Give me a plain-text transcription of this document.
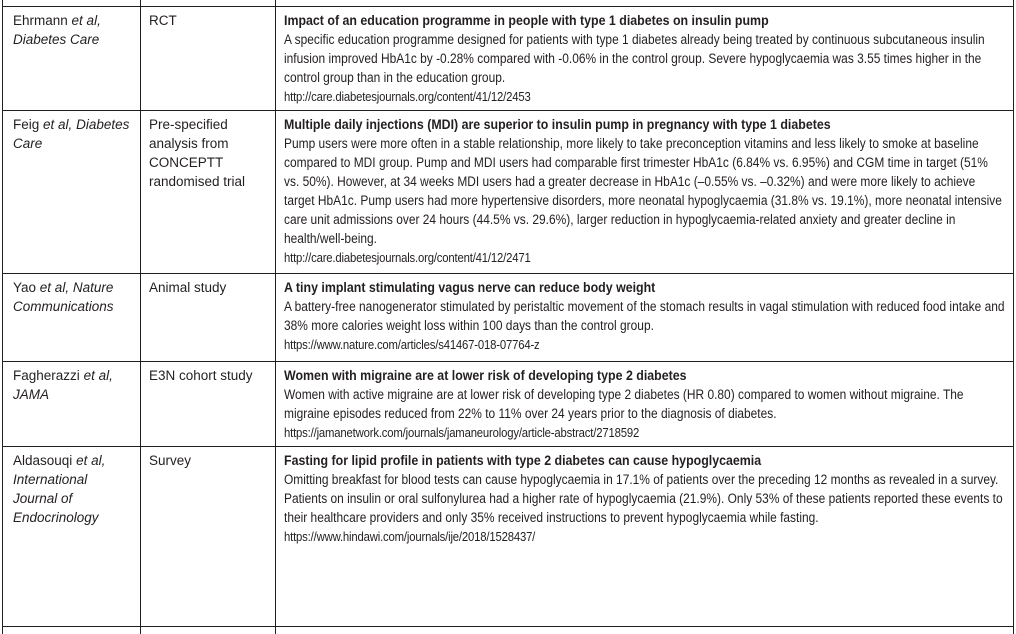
Ehrmann et al, Diabetes Care	RCT	Impact of an education programme in people with type 1 diabetes on insulin pump
A specific education programme designed for patients with type 1 diabetes already being treated by continuous subcutaneous insulin infusion improved HbA1c by -0.28% compared with -0.06% in the control group. Severe hypoglycaemia was 3.55 times higher in the control group than in the education group.
http://care.diabetesjournals.org/content/41/12/2453

Feig et al, Diabetes Care	Pre-specified analysis from CONCEPTT randomised trial	Multiple daily injections (MDI) are superior to insulin pump in pregnancy with type 1 diabetes
Pump users were more often in a stable relationship, more likely to take preconception vitamins and less likely to smoke at baseline compared to MDI group. Pump and MDI users had comparable first trimester HbA1c (6.84% vs. 6.95%) and CGM time in target (51% vs. 50%). However, at 34 weeks MDI users had a greater decrease in HbA1c (–0.55% vs. –0.32%) and were more likely to achieve target HbA1c. Pump users had more hypertensive disorders, more neonatal hypoglycaemia (31.8% vs. 19.1%), more neonatal intensive care unit admissions over 24 hours (44.5% vs. 29.6%), larger reduction in hypoglycaemia-related anxiety and greater decline in health/well-being.
http://care.diabetesjournals.org/content/41/12/2471

Yao et al, Nature Communications	Animal study	A tiny implant stimulating vagus nerve can reduce body weight
A battery-free nanogenerator stimulated by peristaltic movement of the stomach results in vagal stimulation with reduced food intake and 38% more calories weight loss within 100 days than the control group.
https://www.nature.com/articles/s41467-018-07764-z

Fagherazzi et al, JAMA	E3N cohort study	Women with migraine are at lower risk of developing type 2 diabetes
Women with active migraine are at lower risk of developing type 2 diabetes (HR 0.80) compared to women without migraine. The migraine episodes reduced from 22% to 11% over 24 years prior to the diagnosis of diabetes.
https://jamanetwork.com/journals/jamaneurology/article-abstract/2718592

Aldasouqi et al, International Journal of Endocrinology	Survey	Fasting for lipid profile in patients with type 2 diabetes can cause hypoglycaemia
Omitting breakfast for blood tests can cause hypoglycaemia in 17.1% of patients over the preceding 12 months as revealed in a survey. Patients on insulin or oral sulfonylurea had a higher rate of hypoglycaemia (21.9%). Only 53% of these patients reported these events to their healthcare providers and only 35% received instructions to prevent hypoglycaemia while fasting.
https://www.hindawi.com/journals/ije/2018/1528437/
